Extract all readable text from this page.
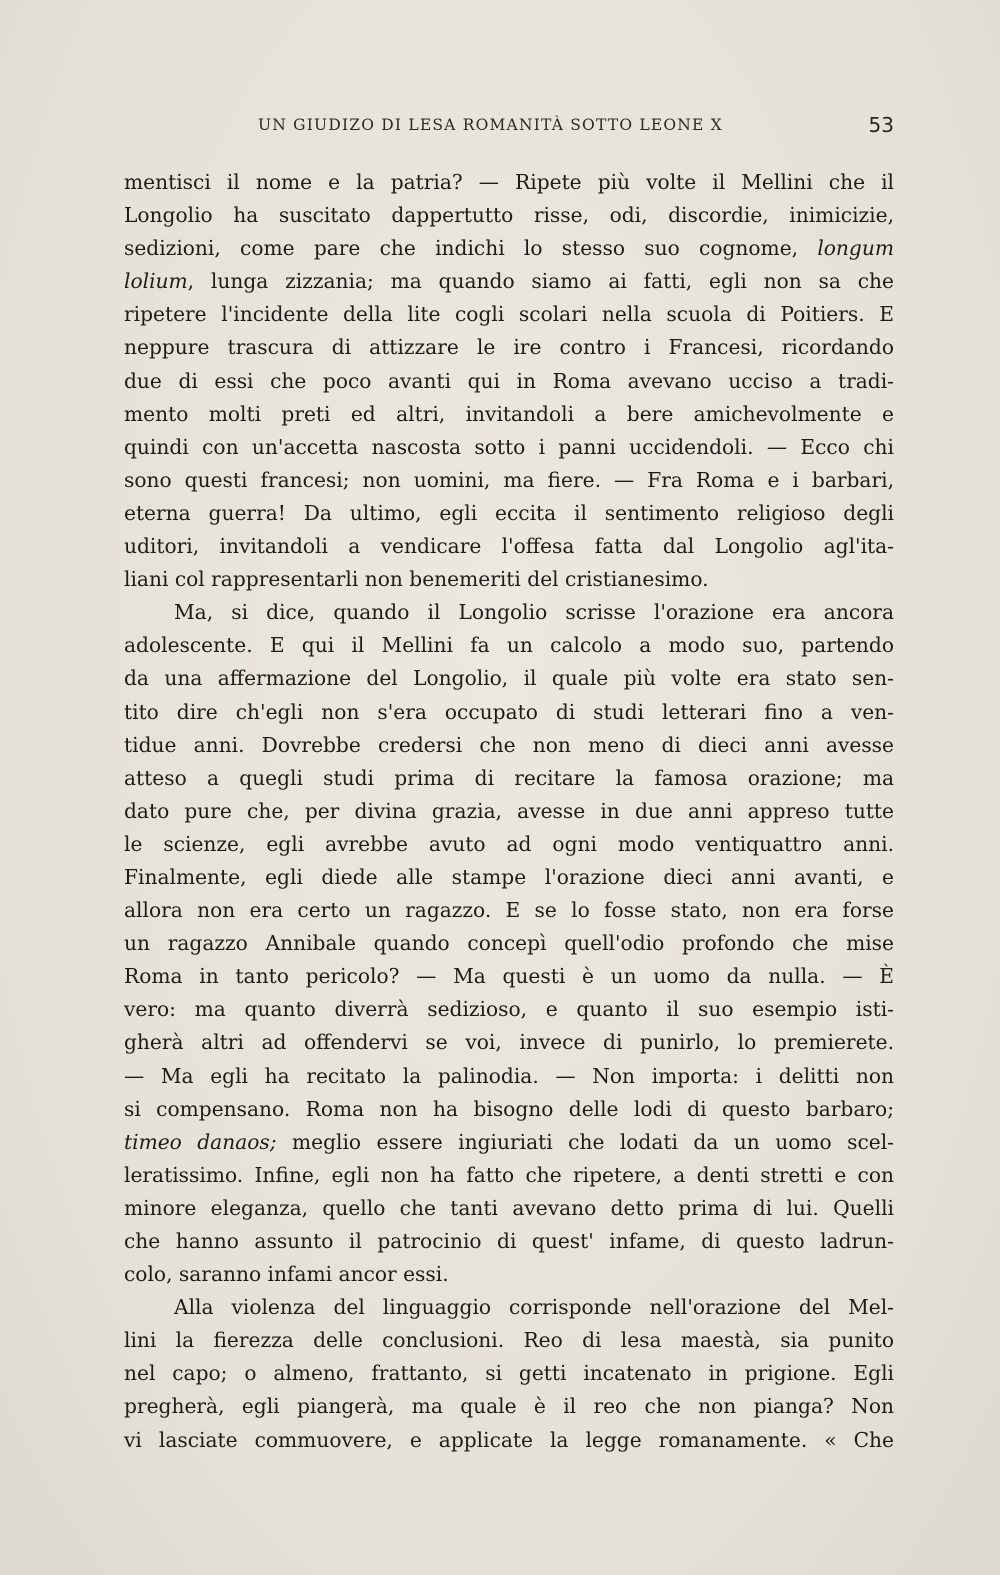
UN GIUDIZO DI LESA ROMANITÀ SOTTO LEONE X	53
mentisci il nome e la patria? — Ripete più volte il Mellini che il
Longolio ha suscitato dappertutto risse, odi, discordie, inimicizie,
sedizioni, come pare che indichi lo stesso suo cognome, longum
lolium, lunga zizzania; ma quando siamo ai fatti, egli non sa che
ripetere l'incidente della lite cogli scolari nella scuola di Poitiers. E
neppure trascura di attizzare le ire contro i Francesi, ricordando
due di essi che poco avanti qui in Roma avevano ucciso a tradi-
mento molti preti ed altri, invitandoli a bere amichevolmente e
quindi con un'accetta nascosta sotto i panni uccidendoli. — Ecco chi
sono questi francesi; non uomini, ma fiere. — Fra Roma e i barbari,
eterna guerra! Da ultimo, egli eccita il sentimento religioso degli
uditori, invitandoli a vendicare l'offesa fatta dal Longolio agl'ita-
liani col rappresentarli non benemeriti del cristianesimo.
Ma, si dice, quando il Longolio scrisse l'orazione era ancora
adolescente. E qui il Mellini fa un calcolo a modo suo, partendo
da una affermazione del Longolio, il quale più volte era stato sen-
tito dire ch'egli non s'era occupato di studi letterari fino a ven-
tidue anni. Dovrebbe credersi che non meno di dieci anni avesse
atteso a quegli studi prima di recitare la famosa orazione; ma
dato pure che, per divina grazia, avesse in due anni appreso tutte
le scienze, egli avrebbe avuto ad ogni modo ventiquattro anni.
Finalmente, egli diede alle stampe l'orazione dieci anni avanti, e
allora non era certo un ragazzo. E se lo fosse stato, non era forse
un ragazzo Annibale quando concepì quell'odio profondo che mise
Roma in tanto pericolo? — Ma questi è un uomo da nulla. — È
vero: ma quanto diverrà sedizioso, e quanto il suo esempio isti-
gherà altri ad offendervi se voi, invece di punirlo, lo premierete.
— Ma egli ha recitato la palinodia. — Non importa: i delitti non
si compensano. Roma non ha bisogno delle lodi di questo barbaro;
timeo danaos; meglio essere ingiuriati che lodati da un uomo scel-
leratissimo. Infine, egli non ha fatto che ripetere, a denti stretti e con
minore eleganza, quello che tanti avevano detto prima di lui. Quelli
che hanno assunto il patrocinio di quest' infame, di questo ladrun-
colo, saranno infami ancor essi.
Alla violenza del linguaggio corrisponde nell'orazione del Mel-
lini la fierezza delle conclusioni. Reo di lesa maestà, sia punito
nel capo; o almeno, frattanto, si getti incatenato in prigione. Egli
pregherà, egli piangerà, ma quale è il reo che non pianga? Non
vi lasciate commuovere, e applicate la legge romanamente. « Che
